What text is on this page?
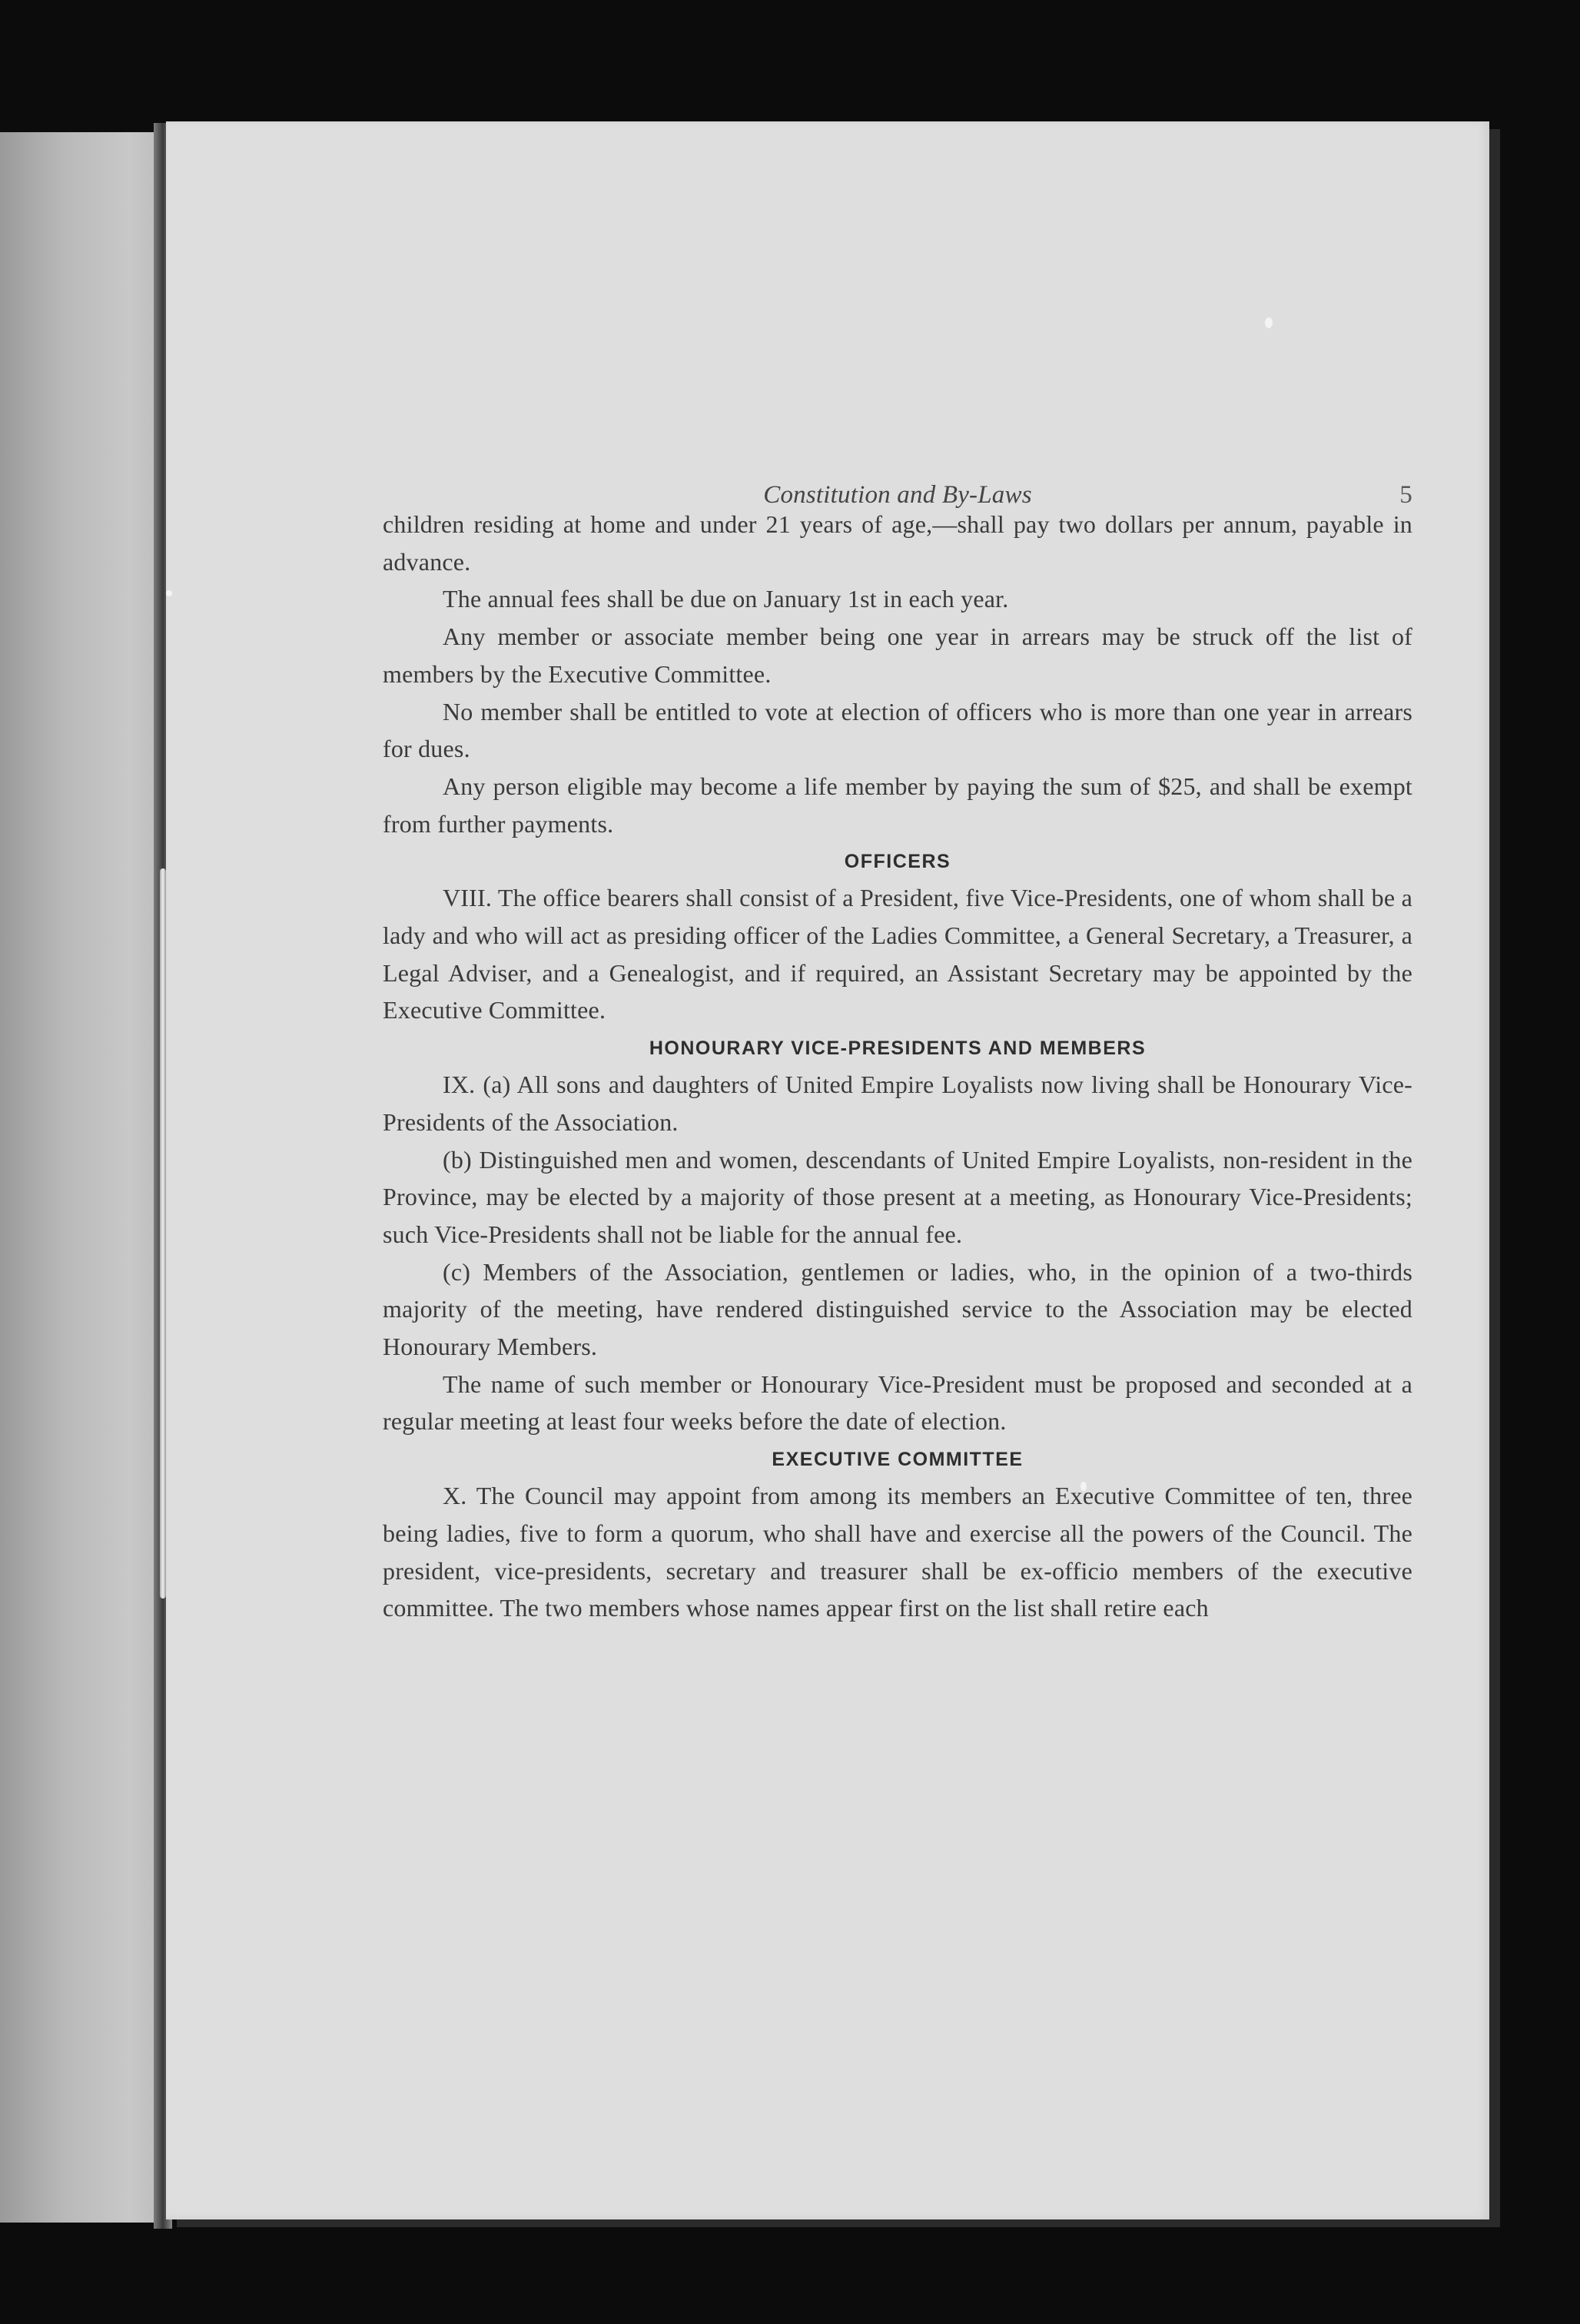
Constitution and By-Laws	5

children residing at home and under 21 years of age,—shall pay two dollars per annum, payable in advance.

The annual fees shall be due on January 1st in each year.

Any member or associate member being one year in arrears may be struck off the list of members by the Executive Committee.

No member shall be entitled to vote at election of officers who is more than one year in arrears for dues.

Any person eligible may become a life member by paying the sum of $25, and shall be exempt from further payments.

OFFICERS

VIII. The office bearers shall consist of a President, five Vice-Presidents, one of whom shall be a lady and who will act as presiding officer of the Ladies Committee, a General Secretary, a Treasurer, a Legal Adviser, and a Genealogist, and if required, an Assistant Secretary may be appointed by the Executive Committee.

HONOURARY VICE-PRESIDENTS AND MEMBERS

IX. (a) All sons and daughters of United Empire Loyalists now living shall be Honourary Vice-Presidents of the Association.

(b) Distinguished men and women, descendants of United Empire Loyalists, non-resident in the Province, may be elected by a majority of those present at a meeting, as Honourary Vice-Presidents; such Vice-Presidents shall not be liable for the annual fee.

(c) Members of the Association, gentlemen or ladies, who, in the opinion of a two-thirds majority of the meeting, have rendered distinguished service to the Association may be elected Honourary Members.

The name of such member or Honourary Vice-President must be proposed and seconded at a regular meeting at least four weeks before the date of election.

EXECUTIVE COMMITTEE

X. The Council may appoint from among its members an Executive Committee of ten, three being ladies, five to form a quorum, who shall have and exercise all the powers of the Council. The president, vice-presidents, secretary and treasurer shall be ex-officio members of the executive committee. The two members whose names appear first on the list shall retire each
